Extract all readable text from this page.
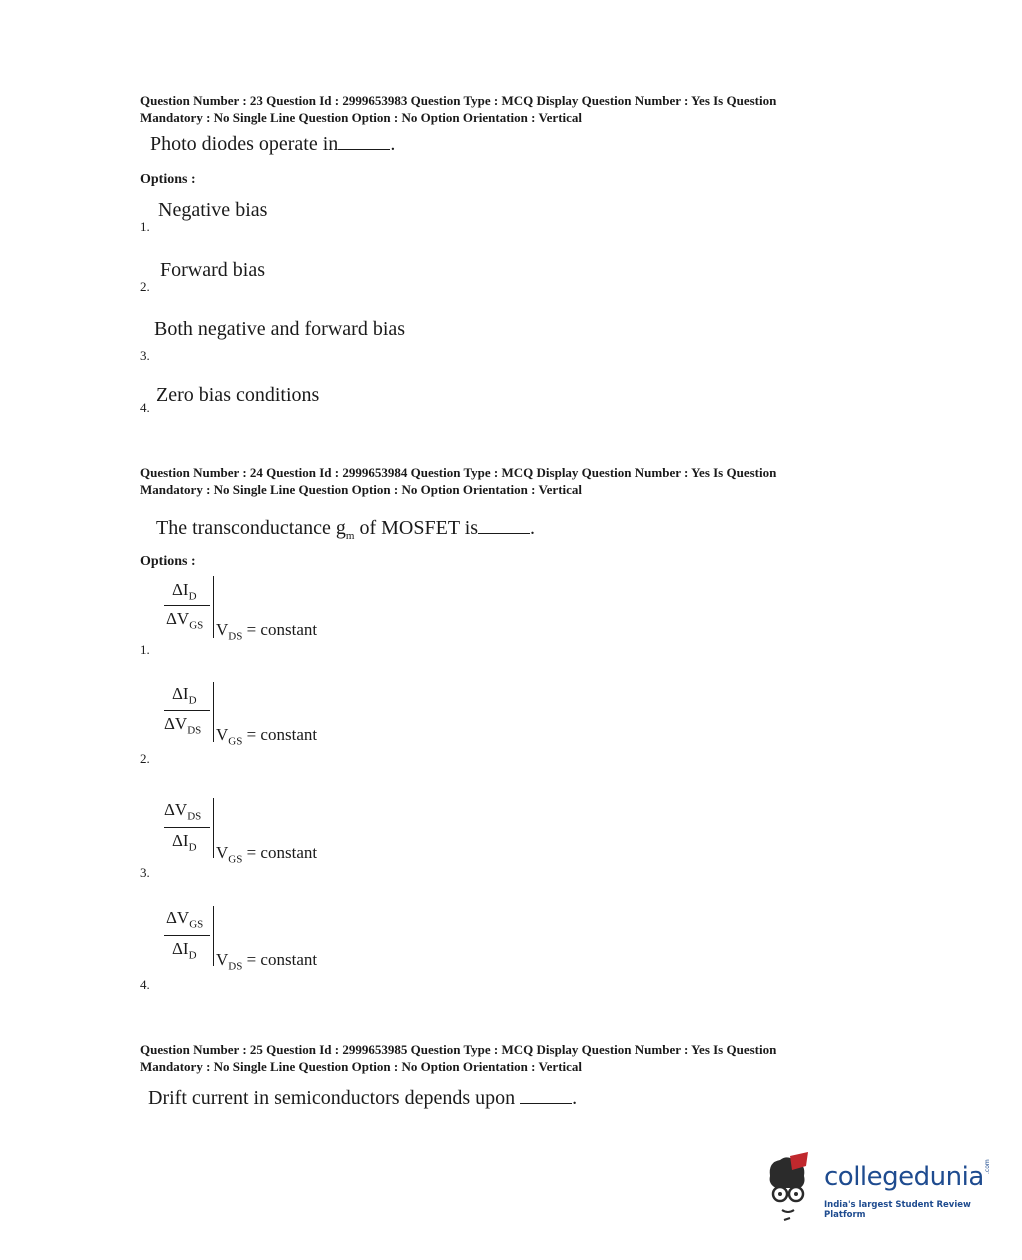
Question Number : 23 Question Id : 2999653983 Question Type : MCQ Display Question Number : Yes Is Question
Mandatory : No Single Line Question Option : No Option Orientation : Vertical
Photo diodes operate in	.
Options :
1.
Negative bias
2.
Forward bias
3.
Both negative and forward bias
4.
Zero bias conditions
Question Number : 24 Question Id : 2999653984 Question Type : MCQ Display Question Number : Yes Is Question
Mandatory : No Single Line Question Option : No Option Orientation : Vertical
The transconductance $g_m$ of MOSFET is	.
Options :
$\Delta I_D$
$\Delta V_{GS}$ $V_{DS}$ = constant
1.
$\Delta I_D$
$\Delta V_{DS}$ $V_{GS}$ = constant
2.
$\Delta V_{DS}$
$\Delta I_D$ $V_{GS}$ = constant
3.
$\Delta V_{GS}$
$\Delta I_D$ $V_{DS}$ = constant
4.
Question Number : 25 Question Id : 2999653985 Question Type : MCQ Display Question Number : Yes Is Question
Mandatory : No Single Line Question Option : No Option Orientation : Vertical
Drift current in semiconductors depends upon	.
collegedunia .com
India's largest Student Review Platform
